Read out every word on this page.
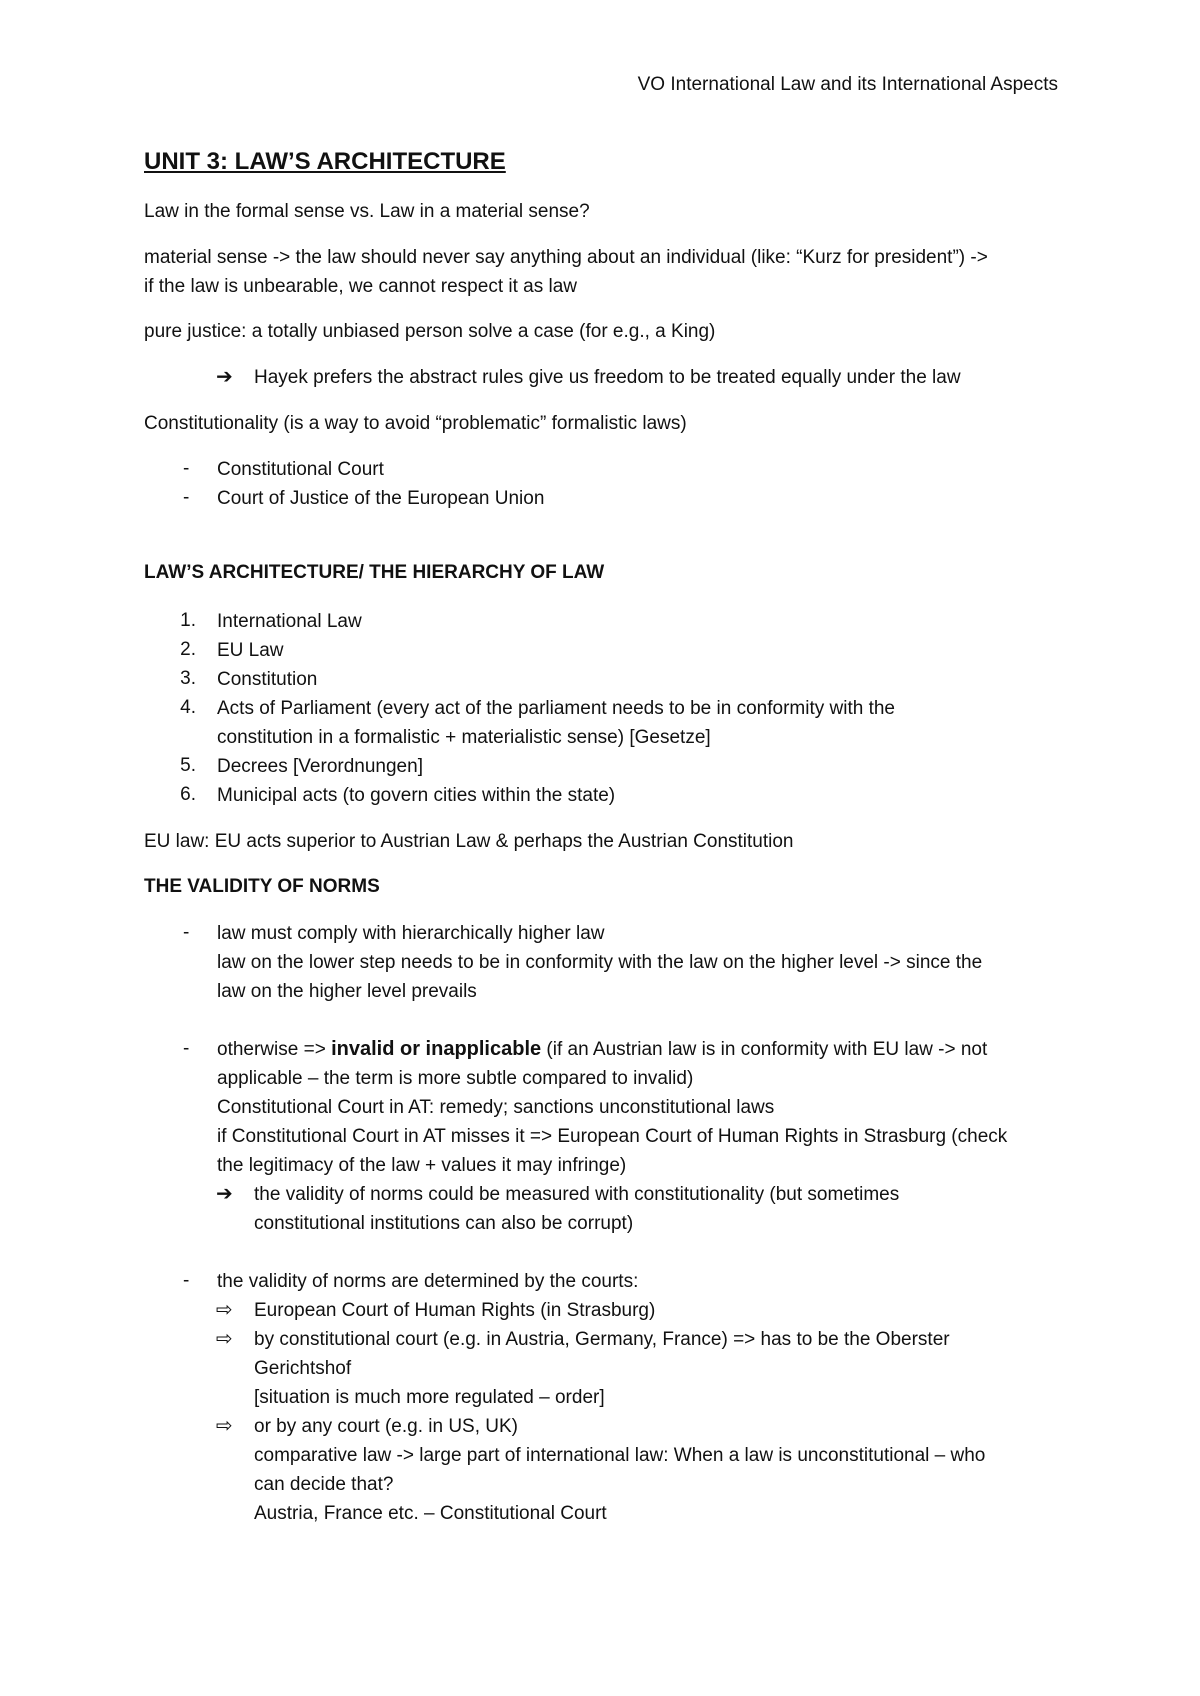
VO International Law and its International Aspects
UNIT 3: LAW’S ARCHITECTURE
Law in the formal sense vs. Law in a material sense?
material sense -> the law should never say anything about an individual (like: “Kurz for president”) ->
if the law is unbearable, we cannot respect it as law
pure justice: a totally unbiased person solve a case (for e.g., a King)
➔ Hayek prefers the abstract rules give us freedom to be treated equally under the law
Constitutionality (is a way to avoid “problematic” formalistic laws)
- Constitutional Court
- Court of Justice of the European Union
LAW’S ARCHITECTURE/ THE HIERARCHY OF LAW
1. International Law
2. EU Law
3. Constitution
4. Acts of Parliament (every act of the parliament needs to be in conformity with the
constitution in a formalistic + materialistic sense) [Gesetze]
5. Decrees [Verordnungen]
6. Municipal acts (to govern cities within the state)
EU law: EU acts superior to Austrian Law & perhaps the Austrian Constitution
THE VALIDITY OF NORMS
- law must comply with hierarchically higher law
law on the lower step needs to be in conformity with the law on the higher level -> since the
law on the higher level prevails
- otherwise => invalid or inapplicable (if an Austrian law is in conformity with EU law -> not
applicable – the term is more subtle compared to invalid)
Constitutional Court in AT: remedy; sanctions unconstitutional laws
if Constitutional Court in AT misses it => European Court of Human Rights in Strasburg (check
the legitimacy of the law + values it may infringe)
➔ the validity of norms could be measured with constitutionality (but sometimes
constitutional institutions can also be corrupt)
- the validity of norms are determined by the courts:
⇨ European Court of Human Rights (in Strasburg)
⇨ by constitutional court (e.g. in Austria, Germany, France) => has to be the Oberster
Gerichtshof
[situation is much more regulated – order]
⇨ or by any court (e.g. in US, UK)
comparative law -> large part of international law: When a law is unconstitutional – who
can decide that?
Austria, France etc. – Constitutional Court
